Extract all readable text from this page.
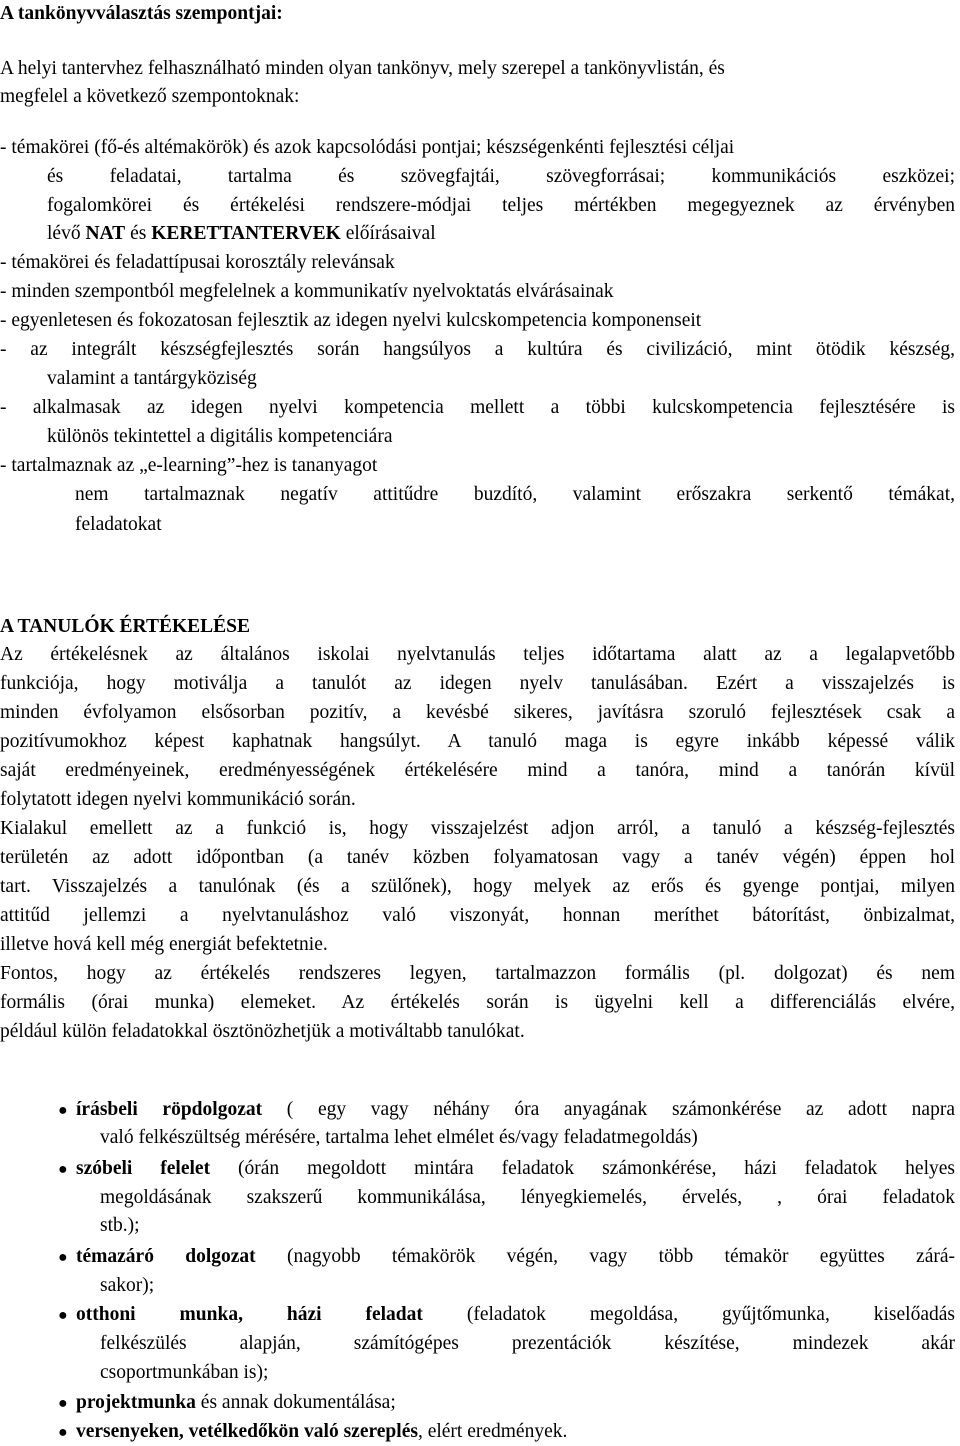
A tankönyvválasztás szempontjai:
A helyi tantervhez felhasználható minden olyan tankönyv, mely szerepel a tankönyvlistán, és
megfelel a következő szempontoknak:
- témakörei (fő-és altémakörök) és azok kapcsolódási pontjai; készségenkénti fejlesztési céljai
és feladatai, tartalma és szövegfajtái, szövegforrásai; kommunikációs eszközei;
fogalomkörei és értékelési rendszere-módjai teljes mértékben megegyeznek az érvényben
lévő NAT és KERETTANTERVEK előírásaival
- témakörei és feladattípusai korosztály relevánsak
- minden szempontból megfelelnek a kommunikatív nyelvoktatás elvárásainak
- egyenletesen és fokozatosan fejlesztik az idegen nyelvi kulcskompetencia komponenseit
- az integrált készségfejlesztés során hangsúlyos a kultúra és civilizáció, mint ötödik készség,
valamint a tantárgyköziség
- alkalmasak az idegen nyelvi kompetencia mellett a többi kulcskompetencia fejlesztésére is
különös tekintettel a digitális kompetenciára
- tartalmaznak az „e-learning”-hez is tananyagot
nem tartalmaznak negatív attitűdre buzdító, valamint erőszakra serkentő témákat,
feladatokat
A TANULÓK ÉRTÉKELÉSE
Az értékelésnek az általános iskolai nyelvtanulás teljes időtartama alatt az a legalapvetőbb
funkciója, hogy motiválja a tanulót az idegen nyelv tanulásában. Ezért a visszajelzés is
minden évfolyamon elsősorban pozitív, a kevésbé sikeres, javításra szoruló fejlesztések csak a
pozitívumokhoz képest kaphatnak hangsúlyt. A tanuló maga is egyre inkább képessé válik
saját eredményeinek, eredményességének értékelésére mind a tanóra, mind a tanórán kívül
folytatott idegen nyelvi kommunikáció során.
Kialakul emellett az a funkció is, hogy visszajelzést adjon arról, a tanuló a készség-fejlesztés
területén az adott időpontban (a tanév közben folyamatosan vagy a tanév végén) éppen hol
tart. Visszajelzés a tanulónak (és a szülőnek), hogy melyek az erős és gyenge pontjai, milyen
attitűd jellemzi a nyelvtanuláshoz való viszonyát, honnan meríthet bátorítást, önbizalmat,
illetve hová kell még energiát befektetnie.
Fontos, hogy az értékelés rendszeres legyen, tartalmazzon formális (pl. dolgozat) és nem
formális (órai munka) elemeket. Az értékelés során is ügyelni kell a differenciálás elvére,
például külön feladatokkal ösztönözhetjük a motiváltabb tanulókat.
● írásbeli röpdolgozat ( egy vagy néhány óra anyagának számonkérése az adott napra
való felkészültség mérésére, tartalma lehet elmélet és/vagy feladatmegoldás)
● szóbeli felelet (órán megoldott mintára feladatok számonkérése, házi feladatok helyes
megoldásának szakszerű kommunikálása, lényegkiemelés, érvelés, , órai feladatok
stb.);
● témazáró dolgozat (nagyobb témakörök végén, vagy több témakör együttes zárá-
sakor);
● otthoni munka, házi feladat (feladatok megoldása, gyűjtőmunka, kiselőadás
felkészülés alapján, számítógépes prezentációk készítése, mindezek akár
csoportmunkában is);
● projektmunka és annak dokumentálása;
● versenyeken, vetélkedőkön való szereplés, elért eredmények.
